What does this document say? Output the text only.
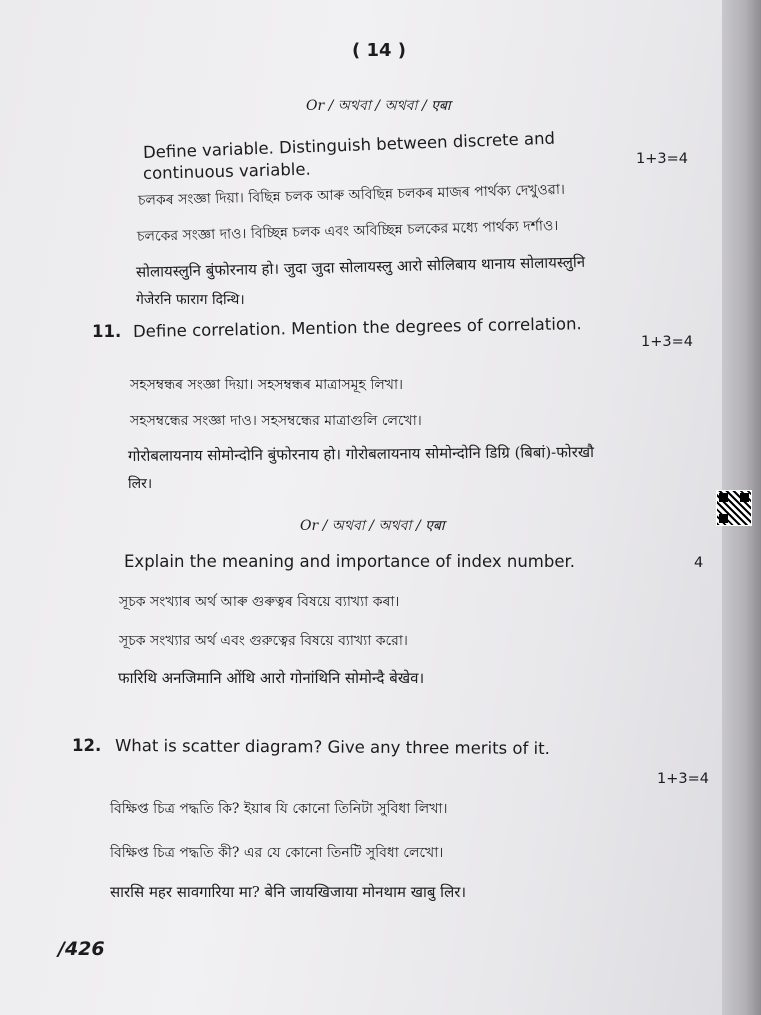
( 14 )
Or / অথবা / অথবা / एबा
Define variable. Distinguish between discrete and	1+3=4
continuous variable.
চলকৰ সংজ্ঞা দিয়া। বিছিন্ন চলক আৰু অবিছিন্ন চলকৰ মাজৰ পাৰ্থক্য দেখুওৱা।
চলকের সংজ্ঞা দাও। বিচ্ছিন্ন চলক এবং অবিচ্ছিন্ন চলকের মধ্যে পার্থক্য দর্শাও।
सोलायस्लुनि बुंफोरनाय हो। जुदा जुदा सोलायस्लु आरो सोलिबाय थानाय सोलायस्लुनि
गेजेरनि फाराग दिन्थि।
11. Define correlation. Mention the degrees of correlation.
1+3=4
সহসম্বন্ধৰ সংজ্ঞা দিয়া। সহসম্বন্ধৰ মাত্ৰাসমূহ লিখা।
সহসম্বন্ধের সংজ্ঞা দাও। সহসম্বন্ধের মাত্রাগুলি লেখো।
गोरोबलायनाय सोमोन्दोनि बुंफोरनाय हो। गोरोबलायनाय सोमोन्दोनि डिग्रि (बिबां)-फोरखौ
लिर।
Or / অথবা / অথবা / एबा
Explain the meaning and importance of index number.	4
সূচক সংখ্যাৰ অৰ্থ আৰু গুৰুত্বৰ বিষয়ে ব্যাখ্যা কৰা।
সূচক সংখ্যার অর্থ এবং গুরুত্বের বিষয়ে ব্যাখ্যা করো।
फारिथि अनजिमानि ओंथि आरो गोनांथिनि सोमोन्दै बेखेव।
12. What is scatter diagram? Give any three merits of it.
1+3=4
বিক্ষিপ্ত চিত্ৰ পদ্ধতি কি? ইয়াৰ যি কোনো তিনিটা সুবিধা লিখা।
বিক্ষিপ্ত চিত্র পদ্ধতি কী? এর যে কোনো তিনটি সুবিধা লেখো।
सारसि महर सावगारिया मा? बेनि जायखिजाया मोनथाम खाबु लिर।
/426
